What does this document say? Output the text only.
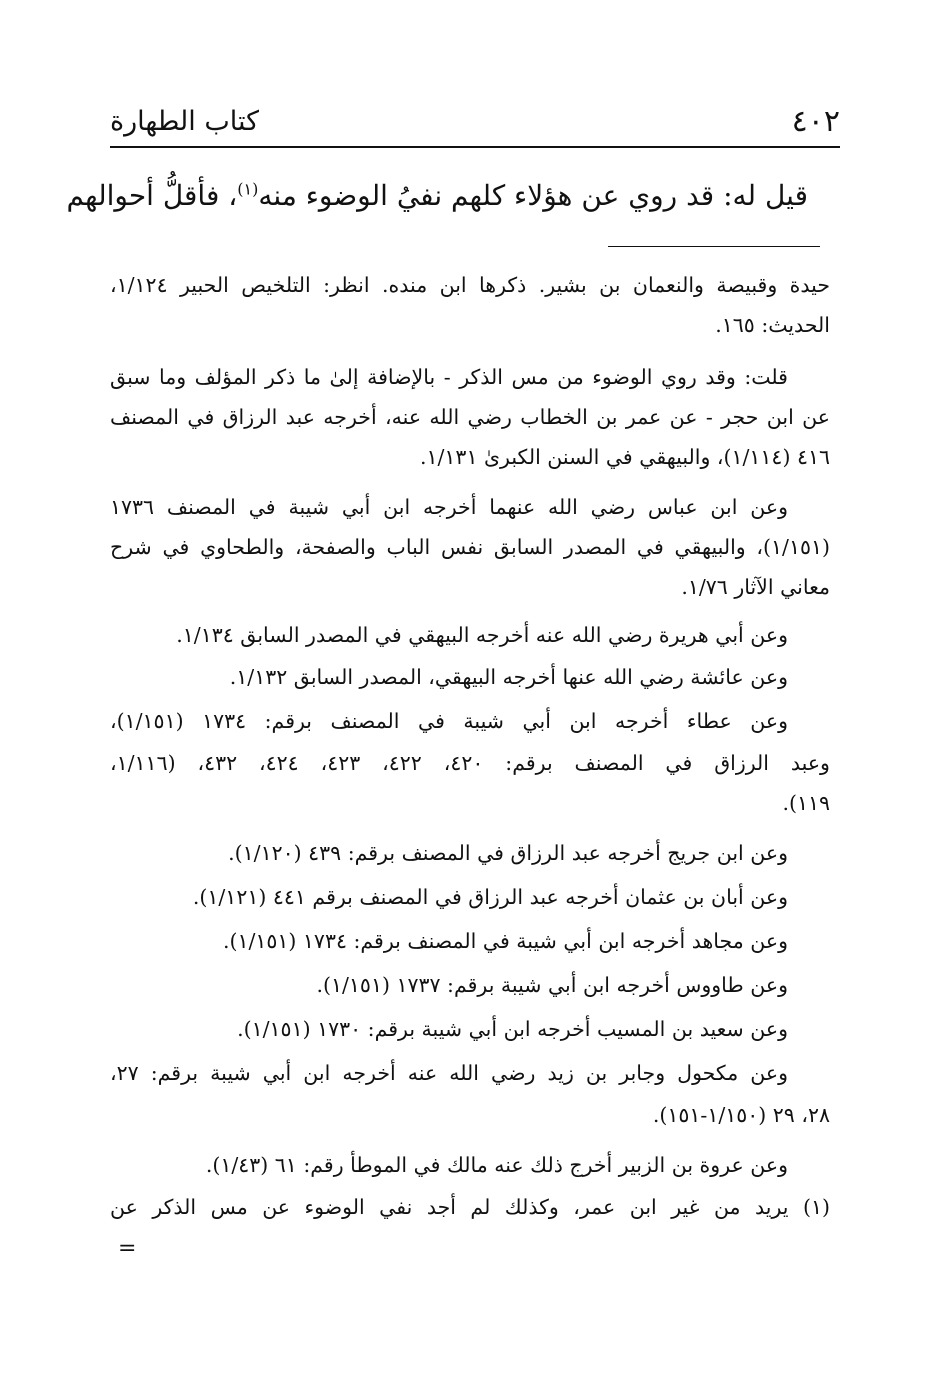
٤٠٢
كتاب الطهارة
قيل له: قد روي عن هؤلاء كلهم نفيُ الوضوء منه$^{(١)}$، فأقلُّ أحوالهم
حيدة وقبيصة والنعمان بن بشير. ذكرها ابن منده. انظر: التلخيص الحبير ١/١٢٤،
الحديث: ١٦٥.
قلت: وقد روي الوضوء من مس الذكر - بالإضافة إلىٰ ما ذكر المؤلف وما سبق
عن ابن حجر - عن عمر بن الخطاب رضي الله عنه، أخرجه عبد الرزاق في المصنف
٤١٦ (١/١١٤)، والبيهقي في السنن الكبرىٰ ١/١٣١.
وعن ابن عباس رضي الله عنهما أخرجه ابن أبي شيبة في المصنف ١٧٣٦
(١/١٥١)، والبيهقي في المصدر السابق نفس الباب والصفحة، والطحاوي في شرح
معاني الآثار ١/٧٦.
وعن أبي هريرة رضي الله عنه أخرجه البيهقي في المصدر السابق ١/١٣٤.
وعن عائشة رضي الله عنها أخرجه البيهقي، المصدر السابق ١/١٣٢.
وعن عطاء أخرجه ابن أبي شيبة في المصنف برقم: ١٧٣٤ (١/١٥١)،
وعبد الرزاق في المصنف برقم: ٤٢٠، ٤٢٢، ٤٢٣، ٤٢٤، ٤٣٢، (١/١١٦،
١١٩).
وعن ابن جريج أخرجه عبد الرزاق في المصنف برقم: ٤٣٩ (١/١٢٠).
وعن أبان بن عثمان أخرجه عبد الرزاق في المصنف برقم ٤٤١ (١/١٢١).
وعن مجاهد أخرجه ابن أبي شيبة في المصنف برقم: ١٧٣٤ (١/١٥١).
وعن طاووس أخرجه ابن أبي شيبة برقم: ١٧٣٧ (١/١٥١).
وعن سعيد بن المسيب أخرجه ابن أبي شيبة برقم: ١٧٣٠ (١/١٥١).
وعن مكحول وجابر بن زيد رضي الله عنه أخرجه ابن أبي شيبة برقم: ٢٧،
٢٨، ٢٩ (١/١٥٠-١٥١).
وعن عروة بن الزبير أخرج ذلك عنه مالك في الموطأ رقم: ٦١ (١/٤٣).
(١) يريد من غير ابن عمر، وكذلك لم أجد نفي الوضوء عن مس الذكر عن
=
